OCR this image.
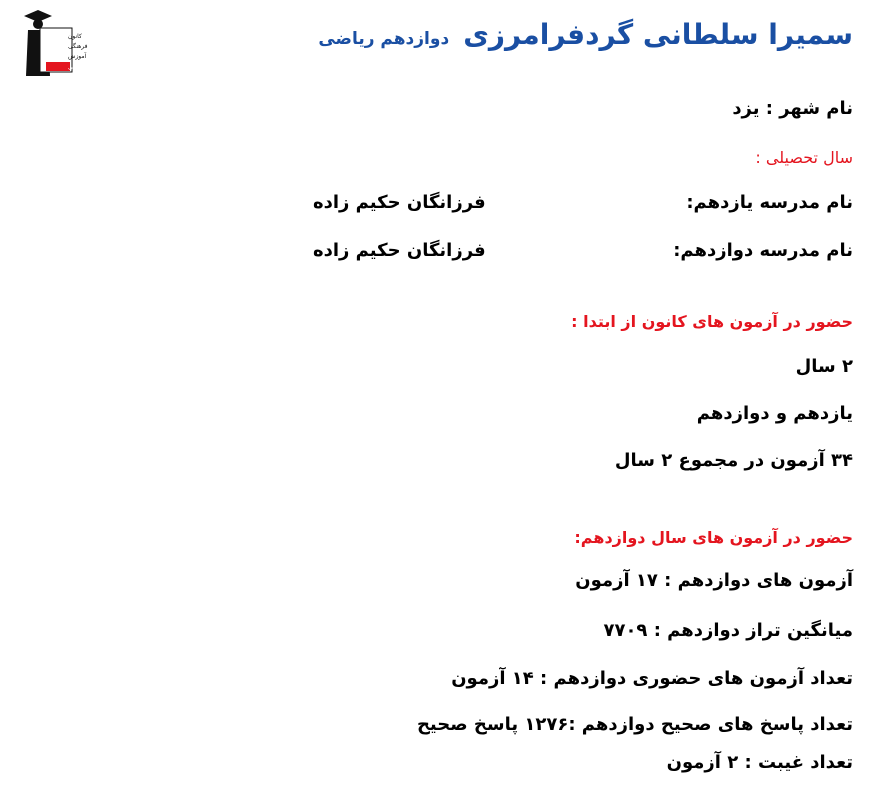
کانون
فرهنگی
آموزش
قلم‌چی
سمیرا سلطانی گردفرامرزی
دوازدهم ریاضی
نام شهر : یزد
سال تحصیلی :
نام مدرسه یازدهم:
فرزانگان حکیم زاده
نام مدرسه دوازدهم:
فرزانگان حکیم زاده
حضور در آزمون های کانون از ابتدا :
۲ سال
یازدهم و دوازدهم
۳۴ آزمون در مجموع ۲ سال
حضور در آزمون های سال دوازدهم:
آزمون های دوازدهم : ۱۷ آزمون
میانگین تراز دوازدهم : ۷۷۰۹
تعداد آزمون های حضوری دوازدهم : ۱۴ آزمون
تعداد پاسخ های صحیح دوازدهم :۱۲۷۶ پاسخ صحیح
تعداد غیبت : ۲ آزمون
